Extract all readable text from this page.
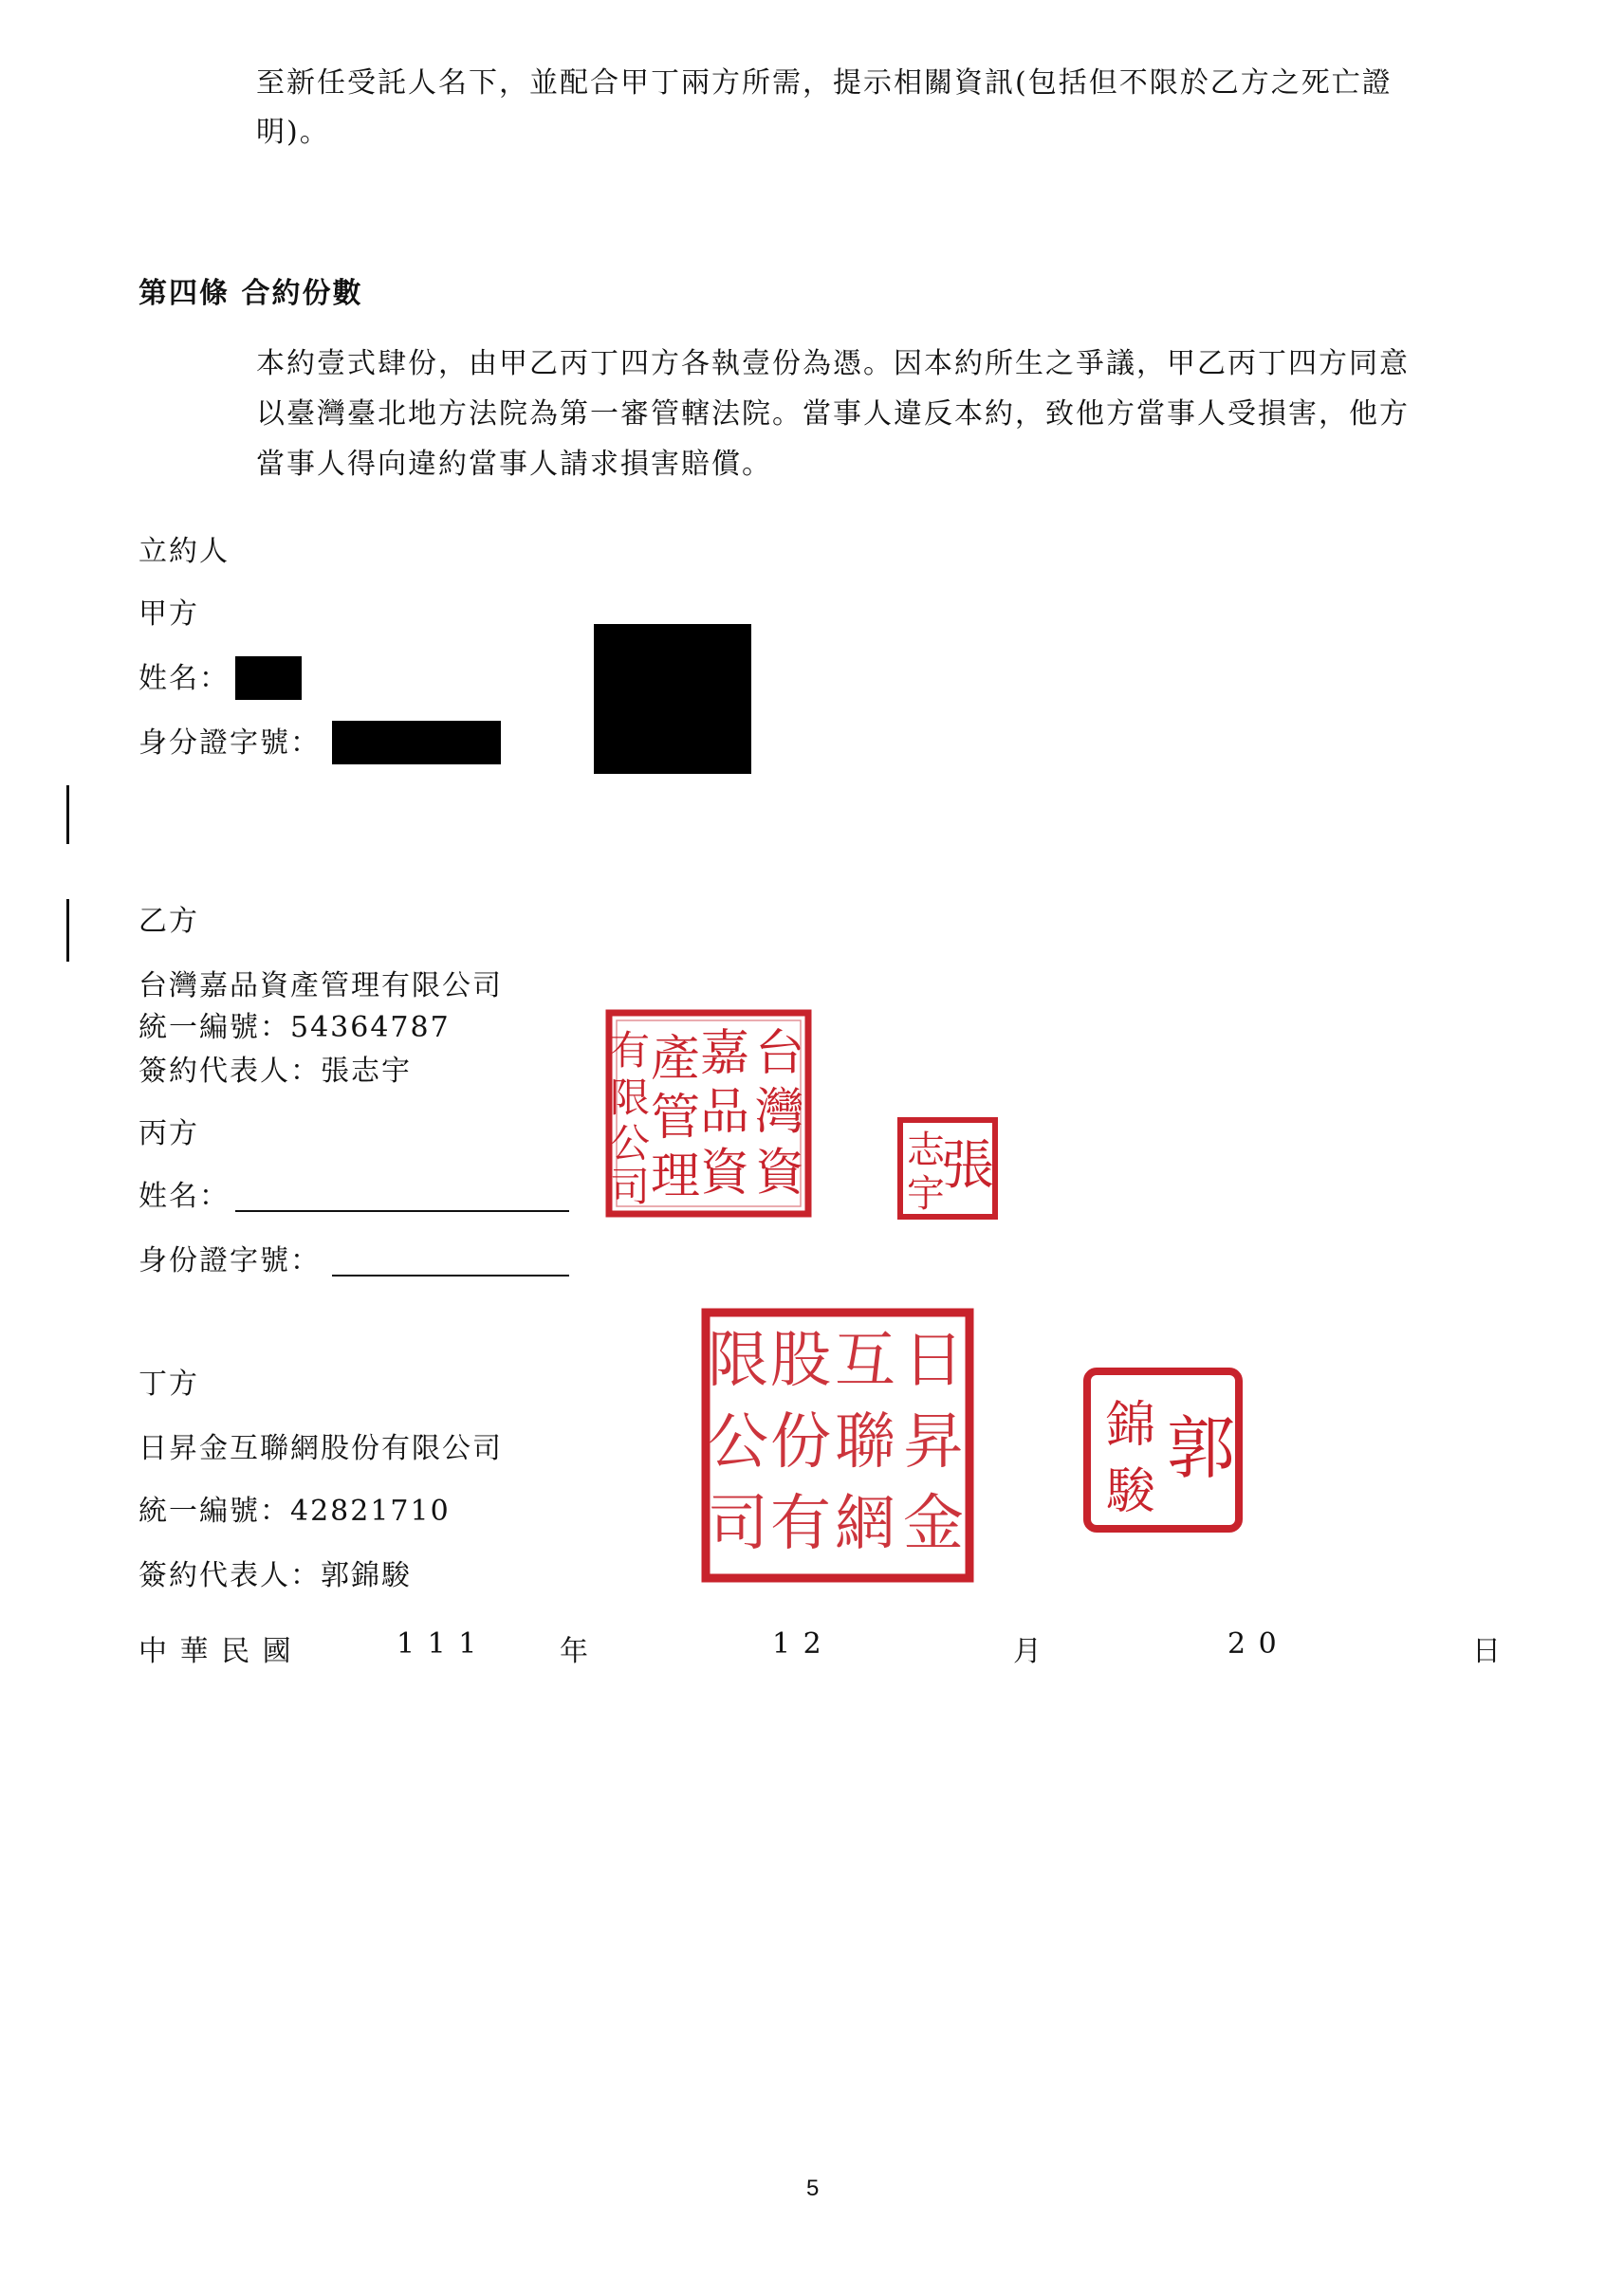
至新任受託人名下，並配合甲丁兩方所需，提示相關資訊(包括但不限於乙方之死亡證
明)。
第四條 合約份數
本約壹式肆份，由甲乙丙丁四方各執壹份為憑。因本約所生之爭議，甲乙丙丁四方同意
以臺灣臺北地方法院為第一審管轄法院。當事人違反本約，致他方當事人受損害，他方
當事人得向違約當事人請求損害賠償。
立約人
甲方
姓名：
身分證字號：
乙方
台灣嘉品資產管理有限公司
統一編號：54364787
簽約代表人：張志宇	台
灣
資
嘉
品
資
產
管
理
有
限
公
司	張
志
宇
丙方
姓名：
身份證字號：
丁方
日昇金互聯網股份有限公司
統一編號：42821710
簽約代表人：郭錦駿
日
昇
金
互
聯
網
股
份
有
限
公
司
郭
錦
駿
中 華 民 國	1 1 1	年	1 2	月	2 0	日
5
